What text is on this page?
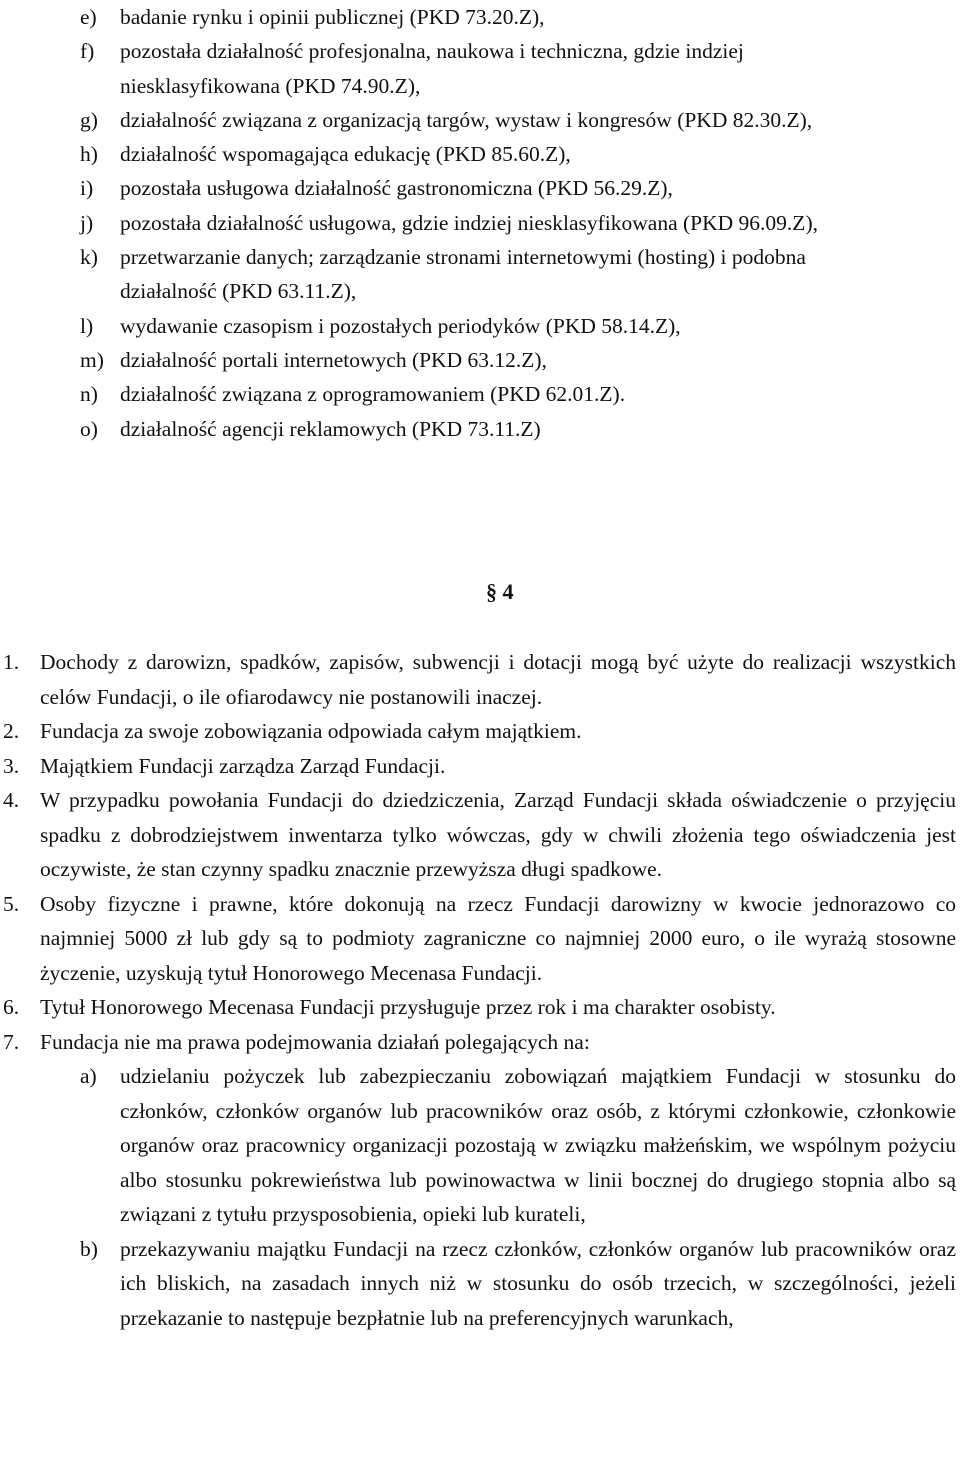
e)	badanie rynku i opinii publicznej (PKD 73.20.Z),
f)	pozostała działalność profesjonalna, naukowa i techniczna, gdzie indziej niesklasyfikowana (PKD 74.90.Z),
g)	działalność związana z organizacją targów, wystaw i kongresów (PKD 82.30.Z),
h)	działalność wspomagająca edukację (PKD 85.60.Z),
i)	pozostała usługowa działalność gastronomiczna (PKD 56.29.Z),
j)	pozostała działalność usługowa, gdzie indziej niesklasyfikowana (PKD 96.09.Z),
k)	przetwarzanie danych; zarządzanie stronami internetowymi (hosting) i podobna działalność (PKD 63.11.Z),
l)	wydawanie czasopism i pozostałych periodyków (PKD 58.14.Z),
m) działalność portali internetowych (PKD 63.12.Z),
n)	działalność związana z oprogramowaniem (PKD 62.01.Z).
o)	działalność agencji reklamowych (PKD 73.11.Z)
§ 4
1. Dochody z darowizn, spadków, zapisów, subwencji i dotacji mogą być użyte do realizacji wszystkich celów Fundacji, o ile ofiarodawcy nie postanowili inaczej.
2. Fundacja za swoje zobowiązania odpowiada całym majątkiem.
3. Majątkiem Fundacji zarządza Zarząd Fundacji.
4. W przypadku powołania Fundacji do dziedziczenia, Zarząd Fundacji składa oświadczenie o przyjęciu spadku z dobrodziejstwem inwentarza tylko wówczas, gdy w chwili złożenia tego oświadczenia jest oczywiste, że stan czynny spadku znacznie przewyższa długi spadkowe.
5. Osoby fizyczne i prawne, które dokonują na rzecz Fundacji darowizny w kwocie jednorazowo co najmniej 5000 zł lub gdy są to podmioty zagraniczne co najmniej 2000 euro, o ile wyrażą stosowne życzenie, uzyskują tytuł Honorowego Mecenasa Fundacji.
6. Tytuł Honorowego Mecenasa Fundacji przysługuje przez rok i ma charakter osobisty.
7. Fundacja nie ma prawa podejmowania działań polegających na:
a)	udzielaniu pożyczek lub zabezpieczaniu zobowiązań majątkiem Fundacji w stosunku do członków, członków organów lub pracowników oraz osób, z którymi członkowie, członkowie organów oraz pracownicy organizacji pozostają w związku małżeńskim, we wspólnym pożyciu albo stosunku pokrewieństwa lub powinowactwa w linii bocznej do drugiego stopnia albo są związani z tytułu przysposobienia, opieki lub kurateli,
b)	przekazywaniu majątku Fundacji na rzecz członków, członków organów lub pracowników oraz ich bliskich, na zasadach innych niż w stosunku do osób trzecich, w szczególności, jeżeli przekazanie to następuje bezpłatnie lub na preferencyjnych warunkach,
